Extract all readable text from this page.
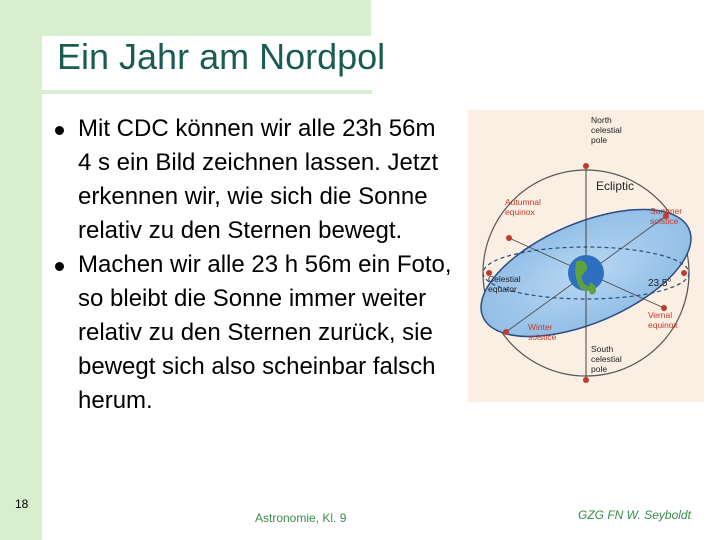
Ein Jahr am Nordpol
Mit CDC können wir alle 23h 56m 4 s ein Bild zeichnen lassen. Jetzt erkennen wir, wie sich die Sonne relativ zu den Sternen bewegt.
Machen wir alle 23 h 56m ein Foto, so bleibt die Sonne immer weiter relativ zu den Sternen zurück, sie bewegt sich also scheinbar falsch herum.
North celestial pole
Ecliptic
Autumnal equinox	Summer solstice
Celestial equator	23.5°
Vernal equinox
Winter solstice
South celestial pole
18
Astronomie, Kl. 9	GZG FN W. Seyboldt
